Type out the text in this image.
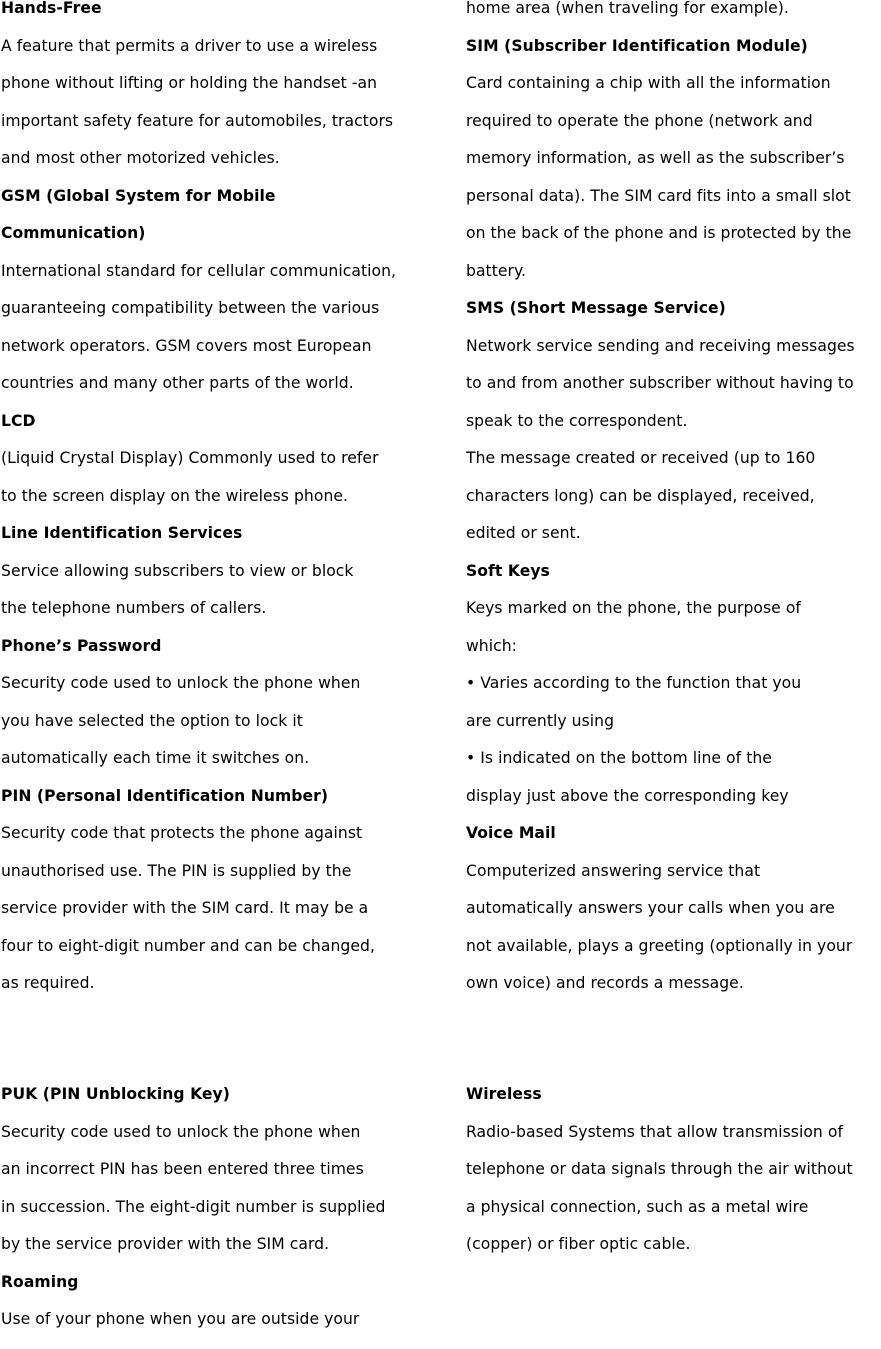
Hands-Free
A feature that permits a driver to use a wireless
phone without lifting or holding the handset -an
important safety feature for automobiles, tractors
and most other motorized vehicles.
GSM (Global System for Mobile
Communication)
International standard for cellular communication,
guaranteeing compatibility between the various
network operators. GSM covers most European
countries and many other parts of the world.
LCD
(Liquid Crystal Display) Commonly used to refer
to the screen display on the wireless phone.
Line Identification Services
Service allowing subscribers to view or block
the telephone numbers of callers.
Phone’s Password
Security code used to unlock the phone when
you have selected the option to lock it
automatically each time it switches on.
PIN (Personal Identification Number)
Security code that protects the phone against
unauthorised use. The PIN is supplied by the
service provider with the SIM card. It may be a
four to eight-digit number and can be changed,
as required.
home area (when traveling for example).
SIM (Subscriber Identification Module)
Card containing a chip with all the information
required to operate the phone (network and
memory information, as well as the subscriber’s
personal data). The SIM card fits into a small slot
on the back of the phone and is protected by the
battery.
SMS (Short Message Service)
Network service sending and receiving messages
to and from another subscriber without having to
speak to the correspondent.
The message created or received (up to 160
characters long) can be displayed, received,
edited or sent.
Soft Keys
Keys marked on the phone, the purpose of
which:
• Varies according to the function that you
are currently using
• Is indicated on the bottom line of the
display just above the corresponding key
Voice Mail
Computerized answering service that
automatically answers your calls when you are
not available, plays a greeting (optionally in your
own voice) and records a message.
PUK (PIN Unblocking Key)
Security code used to unlock the phone when
an incorrect PIN has been entered three times
in succession. The eight-digit number is supplied
by the service provider with the SIM card.
Roaming
Use of your phone when you are outside your
Wireless
Radio-based Systems that allow transmission of
telephone or data signals through the air without
a physical connection, such as a metal wire
(copper) or fiber optic cable.
